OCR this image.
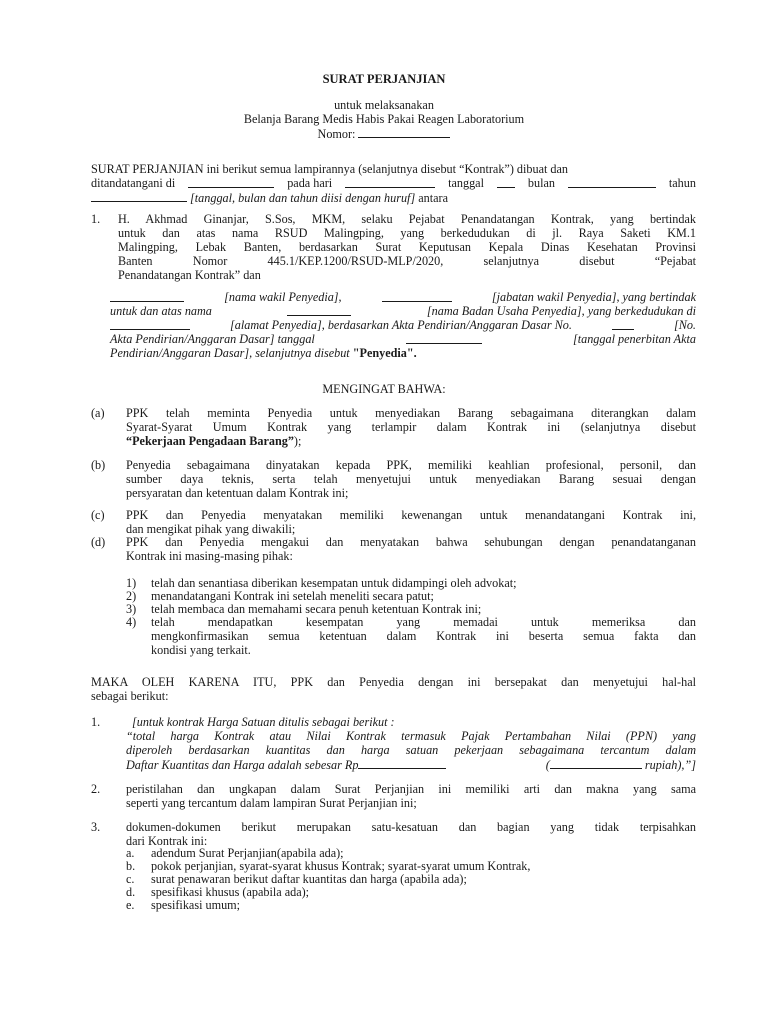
SURAT PERJANJIAN
untuk melaksanakan
Belanja Barang Medis Habis Pakai Reagen Laboratorium
Nomor:
SURAT PERJANJIAN ini berikut semua lampirannya (selanjutnya disebut “Kontrak”) dibuat dan
ditandatangani di	pada hari	tanggal	bulan	tahun
[tanggal, bulan dan tahun diisi dengan huruf] antara
1. H. Akhmad Ginanjar, S.Sos, MKM, selaku Pejabat Penandatangan Kontrak, yang bertindak
untuk dan atas nama RSUD Malingping, yang berkedudukan di jl. Raya Saketi KM.1
Malingping, Lebak Banten, berdasarkan Surat Keputusan Kepala Dinas Kesehatan Provinsi
Banten Nomor 445.1/KEP.1200/RSUD-MLP/2020, selanjutnya disebut “Pejabat
Penandatangan Kontrak” dan
[nama wakil Penyedia],	[jabatan wakil Penyedia], yang bertindak
untuk dan atas nama	[nama Badan Usaha Penyedia], yang berkedudukan di
[alamat Penyedia], berdasarkan Akta Pendirian/Anggaran Dasar No.	[No.
Akta Pendirian/Anggaran Dasar] tanggal	[tanggal penerbitan Akta
Pendirian/Anggaran Dasar], selanjutnya disebut "Penyedia".
MENGINGAT BAHWA:
(a) PPK telah meminta Penyedia untuk menyediakan Barang sebagaimana diterangkan dalam
Syarat-Syarat Umum Kontrak yang terlampir dalam Kontrak ini (selanjutnya disebut
“Pekerjaan Pengadaan Barang”);
(b) Penyedia sebagaimana dinyatakan kepada PPK, memiliki keahlian profesional, personil, dan
sumber daya teknis, serta telah menyetujui untuk menyediakan Barang sesuai dengan
persyaratan dan ketentuan dalam Kontrak ini;
(c) PPK dan Penyedia menyatakan memiliki kewenangan untuk menandatangani Kontrak ini,
dan mengikat pihak yang diwakili;
(d) PPK dan Penyedia mengakui dan menyatakan bahwa sehubungan dengan penandatanganan
Kontrak ini masing-masing pihak:
1) telah dan senantiasa diberikan kesempatan untuk didampingi oleh advokat;
2) menandatangani Kontrak ini setelah meneliti secara patut;
3) telah membaca dan memahami secara penuh ketentuan Kontrak ini;
4) telah mendapatkan kesempatan yang memadai untuk memeriksa dan
mengkonfirmasikan semua ketentuan dalam Kontrak ini beserta semua fakta dan
kondisi yang terkait.
MAKA OLEH KARENA ITU, PPK dan Penyedia dengan ini bersepakat dan menyetujui hal-hal
sebagai berikut:
1.	[untuk kontrak Harga Satuan ditulis sebagai berikut :
“total harga Kontrak atau Nilai Kontrak termasuk Pajak Pertambahan Nilai (PPN) yang
diperoleh berdasarkan kuantitas dan harga satuan pekerjaan sebagaimana tercantum dalam
Daftar Kuantitas dan Harga adalah sebesar Rp	(	rupiah),”]
2. peristilahan dan ungkapan dalam Surat Perjanjian ini memiliki arti dan makna yang sama
seperti yang tercantum dalam lampiran Surat Perjanjian ini;
3. dokumen-dokumen berikut merupakan satu-kesatuan dan bagian yang tidak terpisahkan
dari Kontrak ini:
a. adendum Surat Perjanjian(apabila ada);
b. pokok perjanjian, syarat-syarat khusus Kontrak; syarat-syarat umum Kontrak,
c. surat penawaran berikut daftar kuantitas dan harga (apabila ada);
d. spesifikasi khusus (apabila ada);
e. spesifikasi umum;
